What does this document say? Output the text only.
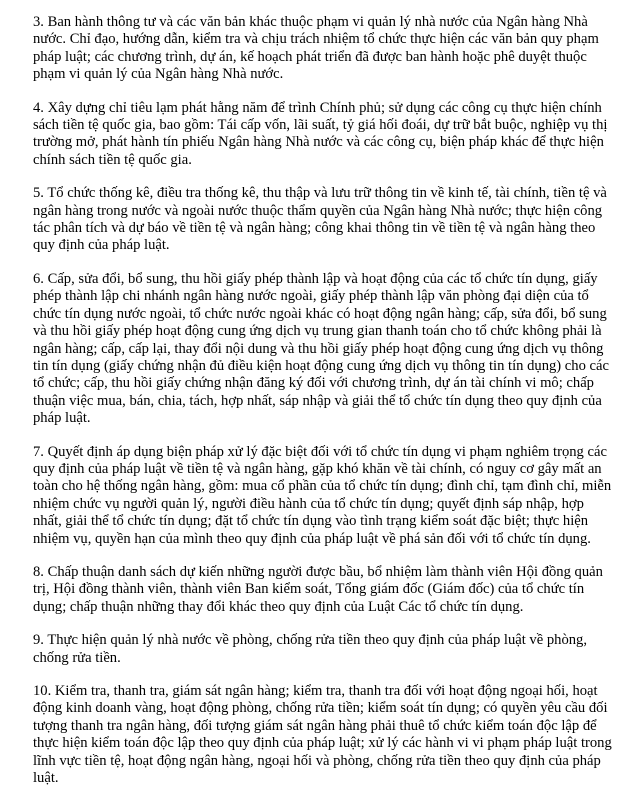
3. Ban hành thông tư và các văn bản khác thuộc phạm vi quản lý nhà nước của Ngân hàng Nhà nước. Chỉ đạo, hướng dẫn, kiểm tra và chịu trách nhiệm tổ chức thực hiện các văn bản quy phạm pháp luật; các chương trình, dự án, kế hoạch phát triển đã được ban hành hoặc phê duyệt thuộc phạm vi quản lý của Ngân hàng Nhà nước.

4. Xây dựng chỉ tiêu lạm phát hằng năm để trình Chính phủ; sử dụng các công cụ thực hiện chính sách tiền tệ quốc gia, bao gồm: Tái cấp vốn, lãi suất, tỷ giá hối đoái, dự trữ bắt buộc, nghiệp vụ thị trường mở, phát hành tín phiếu Ngân hàng Nhà nước và các công cụ, biện pháp khác để thực hiện chính sách tiền tệ quốc gia.

5. Tổ chức thống kê, điều tra thống kê, thu thập và lưu trữ thông tin về kinh tế, tài chính, tiền tệ và ngân hàng trong nước và ngoài nước thuộc thẩm quyền của Ngân hàng Nhà nước; thực hiện công tác phân tích và dự báo về tiền tệ và ngân hàng; công khai thông tin về tiền tệ và ngân hàng theo quy định của pháp luật.

6. Cấp, sửa đổi, bổ sung, thu hồi giấy phép thành lập và hoạt động của các tổ chức tín dụng, giấy phép thành lập chi nhánh ngân hàng nước ngoài, giấy phép thành lập văn phòng đại diện của tổ chức tín dụng nước ngoài, tổ chức nước ngoài khác có hoạt động ngân hàng; cấp, sửa đổi, bổ sung và thu hồi giấy phép hoạt động cung ứng dịch vụ trung gian thanh toán cho tổ chức không phải là ngân hàng; cấp, cấp lại, thay đổi nội dung và thu hồi giấy phép hoạt động cung ứng dịch vụ thông tin tín dụng (giấy chứng nhận đủ điều kiện hoạt động cung ứng dịch vụ thông tin tín dụng) cho các tổ chức; cấp, thu hồi giấy chứng nhận đăng ký đối với chương trình, dự án tài chính vi mô; chấp thuận việc mua, bán, chia, tách, hợp nhất, sáp nhập và giải thể tổ chức tín dụng theo quy định của pháp luật.

7. Quyết định áp dụng biện pháp xử lý đặc biệt đối với tổ chức tín dụng vi phạm nghiêm trọng các quy định của pháp luật về tiền tệ và ngân hàng, gặp khó khăn về tài chính, có nguy cơ gây mất an toàn cho hệ thống ngân hàng, gồm: mua cổ phần của tổ chức tín dụng; đình chỉ, tạm đình chỉ, miễn nhiệm chức vụ người quản lý, người điều hành của tổ chức tín dụng; quyết định sáp nhập, hợp nhất, giải thể tổ chức tín dụng; đặt tổ chức tín dụng vào tình trạng kiểm soát đặc biệt; thực hiện nhiệm vụ, quyền hạn của mình theo quy định của pháp luật về phá sản đối với tổ chức tín dụng.

8. Chấp thuận danh sách dự kiến những người được bầu, bổ nhiệm làm thành viên Hội đồng quản trị, Hội đồng thành viên, thành viên Ban kiểm soát, Tổng giám đốc (Giám đốc) của tổ chức tín dụng; chấp thuận những thay đổi khác theo quy định của Luật Các tổ chức tín dụng.

9. Thực hiện quản lý nhà nước về phòng, chống rửa tiền theo quy định của pháp luật về phòng, chống rửa tiền.

10. Kiểm tra, thanh tra, giám sát ngân hàng; kiểm tra, thanh tra đối với hoạt động ngoại hối, hoạt động kinh doanh vàng, hoạt động phòng, chống rửa tiền; kiểm soát tín dụng; có quyền yêu cầu đối tượng thanh tra ngân hàng, đối tượng giám sát ngân hàng phải thuê tổ chức kiểm toán độc lập để thực hiện kiểm toán độc lập theo quy định của pháp luật; xử lý các hành vi vi phạm pháp luật trong lĩnh vực tiền tệ, hoạt động ngân hàng, ngoại hối và phòng, chống rửa tiền theo quy định của pháp luật.
